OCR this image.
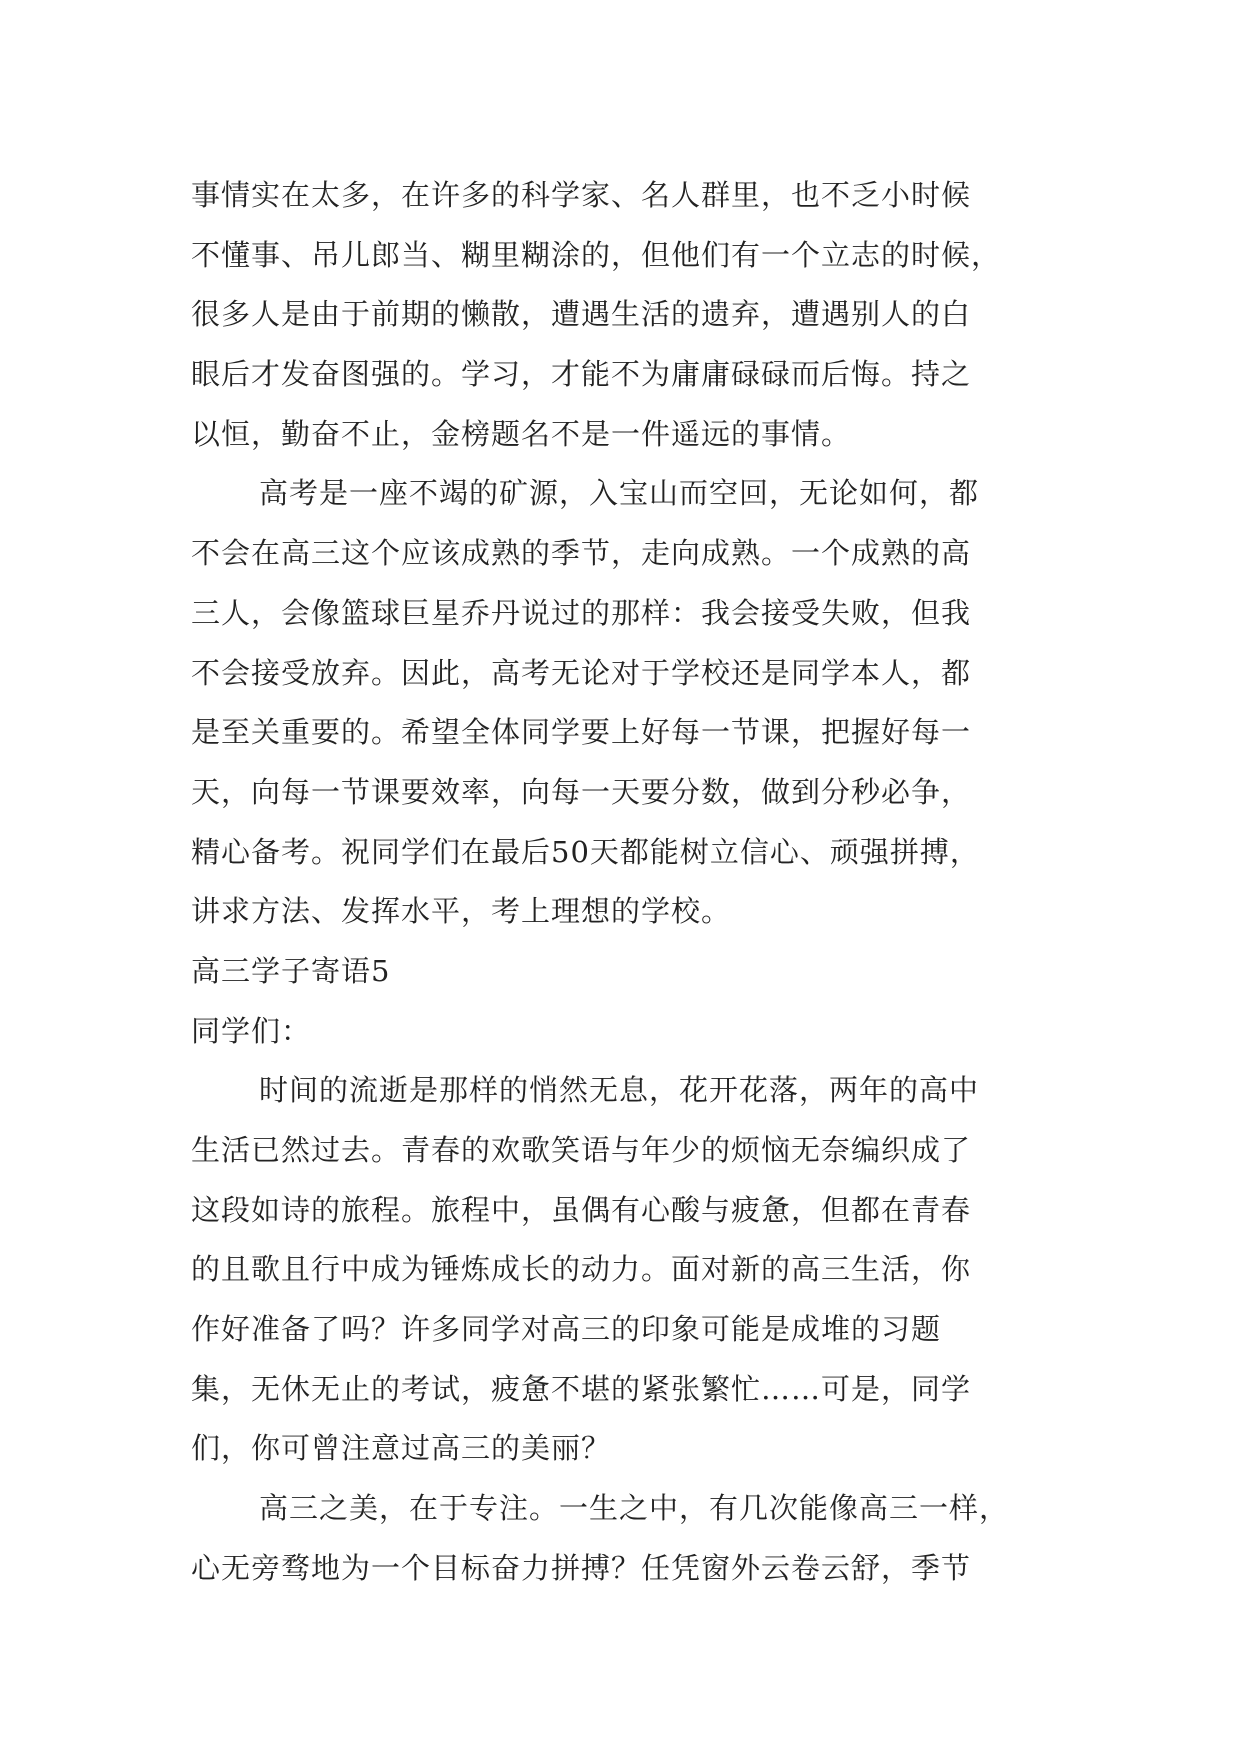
事情实在太多，在许多的科学家、名人群里，也不乏小时候
不懂事、吊儿郎当、糊里糊涂的，但他们有一个立志的时候，
很多人是由于前期的懒散，遭遇生活的遗弃，遭遇别人的白
眼后才发奋图强的。学习，才能不为庸庸碌碌而后悔。持之
以恒，勤奋不止，金榜题名不是一件遥远的事情。
高考是一座不竭的矿源，入宝山而空回，无论如何，都
不会在高三这个应该成熟的季节，走向成熟。一个成熟的高
三人，会像篮球巨星乔丹说过的那样：我会接受失败，但我
不会接受放弃。因此，高考无论对于学校还是同学本人，都
是至关重要的。希望全体同学要上好每一节课，把握好每一
天，向每一节课要效率，向每一天要分数，做到分秒必争，
精心备考。祝同学们在最后50天都能树立信心、顽强拼搏，
讲求方法、发挥水平，考上理想的学校。
高三学子寄语5
同学们：
时间的流逝是那样的悄然无息，花开花落，两年的高中
生活已然过去。青春的欢歌笑语与年少的烦恼无奈编织成了
这段如诗的旅程。旅程中，虽偶有心酸与疲惫，但都在青春
的且歌且行中成为锤炼成长的动力。面对新的高三生活，你
作好准备了吗？许多同学对高三的印象可能是成堆的习题
集，无休无止的考试，疲惫不堪的紧张繁忙……可是，同学
们，你可曾注意过高三的美丽？
高三之美，在于专注。一生之中，有几次能像高三一样，
心无旁骛地为一个目标奋力拼搏？任凭窗外云卷云舒，季节
